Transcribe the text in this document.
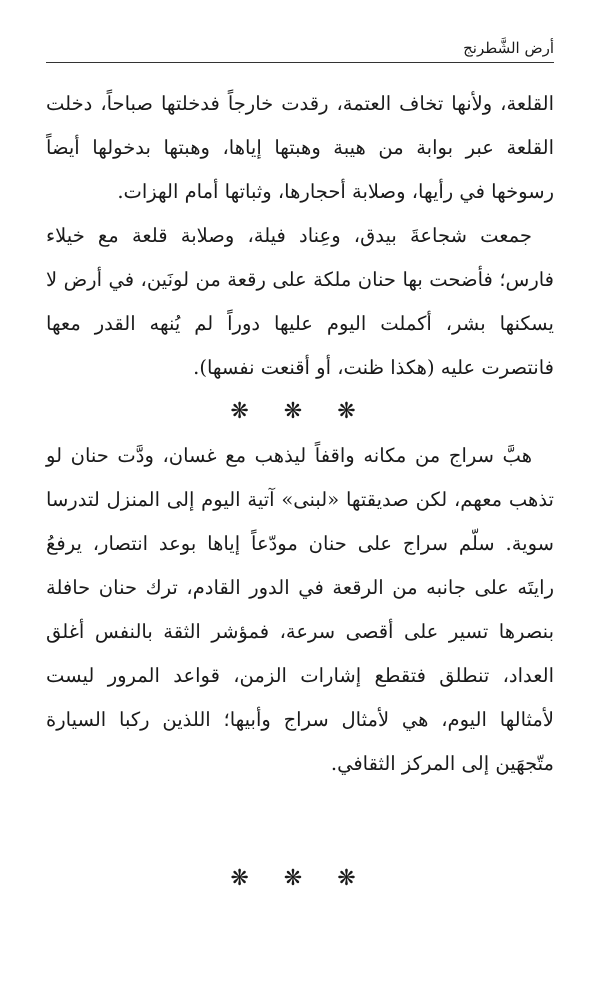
أرض الشَّطرنج

القلعة، ولأنها تخاف العتمة، رقدت خارجاً فدخلتها صباحاً، دخلت القلعة عبر بوابة من هيبة وهبتها إياها، وهبتها بدخولها أيضاً رسوخها في رأيها، وصلابة أحجارها، وثباتها أمام الهزات.

جمعت شجاعةَ بيدق، وعِناد فيلة، وصلابة قلعة مع خيلاء فارس؛ فأضحت بها حنان ملكة على رقعة من لونَين، في أرض لا يسكنها بشر، أكملت اليوم عليها دوراً لم يُنهه القدر معها فانتصرت عليه (هكذا ظنت، أو أقنعت نفسها).

❋ ❋ ❋

هبَّ سراج من مكانه واقفاً ليذهب مع غسان، ودَّت حنان لو تذهب معهم، لكن صديقتها «لبنى» آتية اليوم إلى المنزل لتدرسا سوية. سلّم سراج على حنان مودّعاً إياها بوعد انتصار، يرفعُ رايتَه على جانبه من الرقعة في الدور القادم، ترك حنان حافلة بنصرها تسير على أقصى سرعة، فمؤشر الثقة بالنفس أغلق العداد، تنطلق فتقطع إشارات الزمن، قواعد المرور ليست لأمثالها اليوم، هي لأمثال سراج وأبيها؛ اللذين ركبا السيارة متّجهَين إلى المركز الثقافي.

❋ ❋ ❋
